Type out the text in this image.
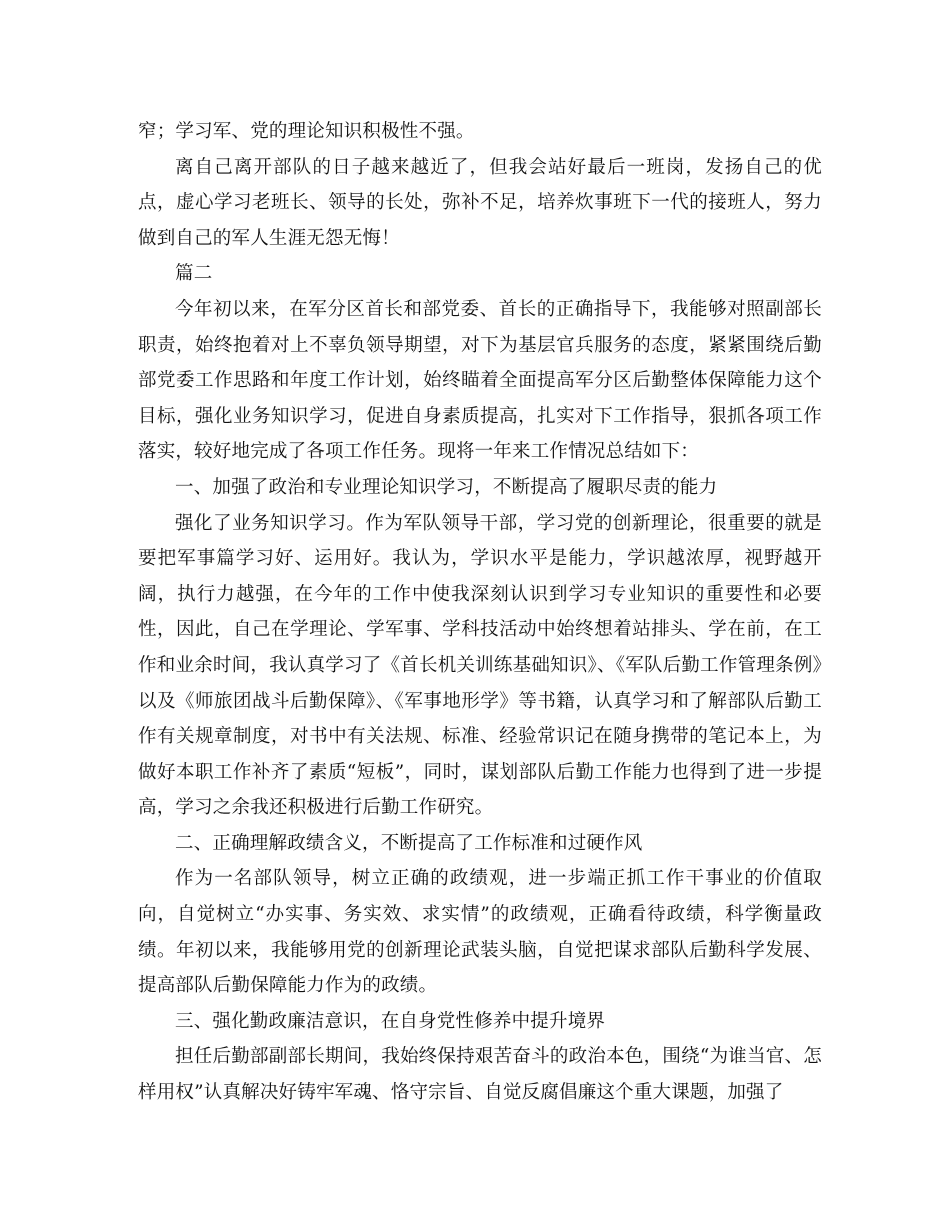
窄；学习军、党的理论知识积极性不强。

离自己离开部队的日子越来越近了，但我会站好最后一班岗，发扬自己的优点，虚心学习老班长、领导的长处，弥补不足，培养炊事班下一代的接班人，努力做到自己的军人生涯无怨无悔！

篇二

今年初以来，在军分区首长和部党委、首长的正确指导下，我能够对照副部长职责，始终抱着对上不辜负领导期望，对下为基层官兵服务的态度，紧紧围绕后勤部党委工作思路和年度工作计划，始终瞄着全面提高军分区后勤整体保障能力这个目标，强化业务知识学习，促进自身素质提高，扎实对下工作指导，狠抓各项工作落实，较好地完成了各项工作任务。现将一年来工作情况总结如下：

一、加强了政治和专业理论知识学习，不断提高了履职尽责的能力

强化了业务知识学习。作为军队领导干部，学习党的创新理论，很重要的就是要把军事篇学习好、运用好。我认为，学识水平是能力，学识越浓厚，视野越开阔，执行力越强，在今年的工作中使我深刻认识到学习专业知识的重要性和必要性，因此，自己在学理论、学军事、学科技活动中始终想着站排头、学在前，在工作和业余时间，我认真学习了《首长机关训练基础知识》、《军队后勤工作管理条例》以及《师旅团战斗后勤保障》、《军事地形学》等书籍，认真学习和了解部队后勤工作有关规章制度，对书中有关法规、标准、经验常识记在随身携带的笔记本上，为做好本职工作补齐了素质“短板”，同时，谋划部队后勤工作能力也得到了进一步提高，学习之余我还积极进行后勤工作研究。

二、正确理解政绩含义，不断提高了工作标准和过硬作风

作为一名部队领导，树立正确的政绩观，进一步端正抓工作干事业的价值取向，自觉树立“办实事、务实效、求实情”的政绩观，正确看待政绩，科学衡量政绩。年初以来，我能够用党的创新理论武装头脑，自觉把谋求部队后勤科学发展、提高部队后勤保障能力作为的政绩。

三、强化勤政廉洁意识，在自身党性修养中提升境界

担任后勤部副部长期间，我始终保持艰苦奋斗的政治本色，围绕“为谁当官、怎样用权”认真解决好铸牢军魂、恪守宗旨、自觉反腐倡廉这个重大课题，加强了
